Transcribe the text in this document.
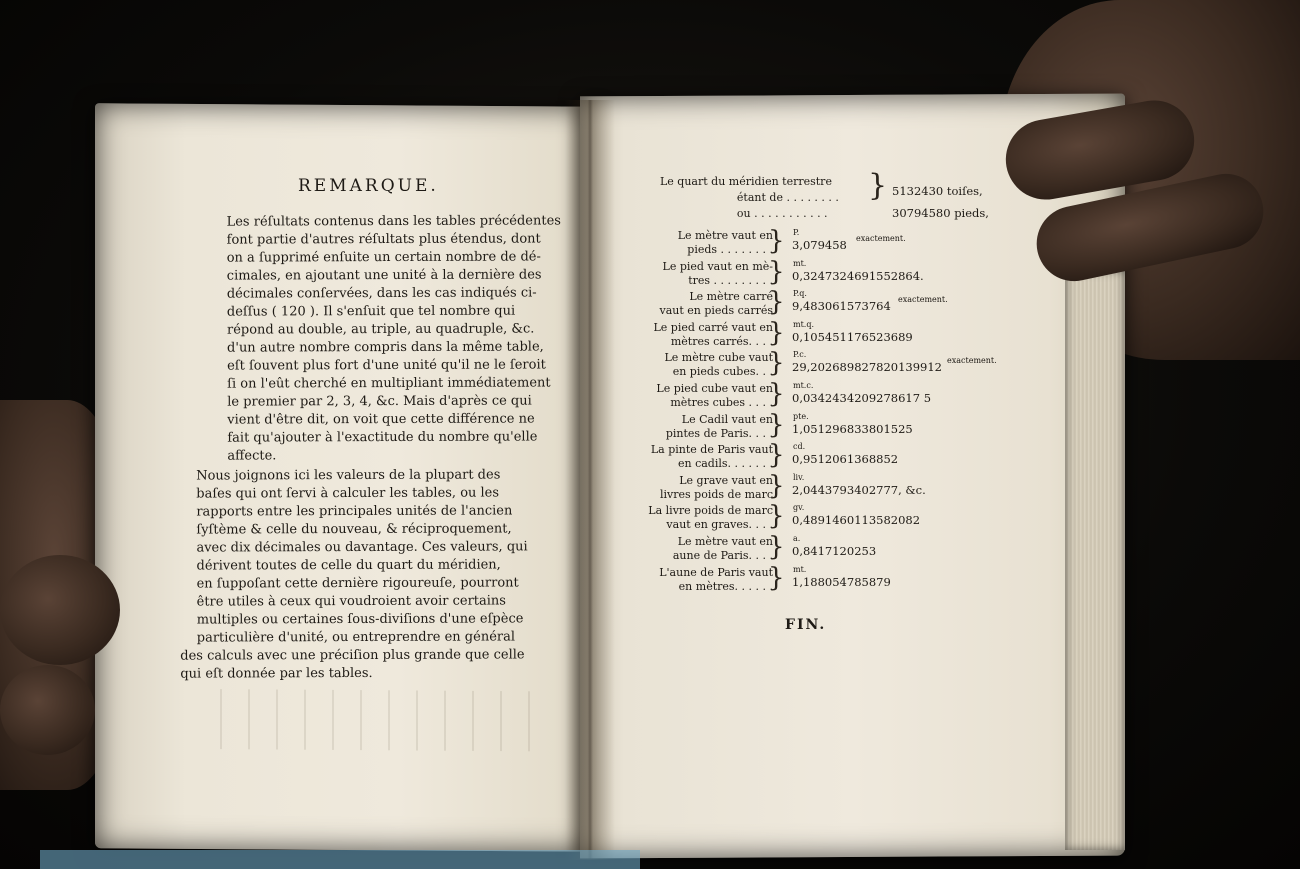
REMARQUE.
Les réſultats contenus dans les tables précédentes
font partie d'autres réſultats plus étendus, dont
on a ſupprimé enſuite un certain nombre de dé-
cimales, en ajoutant une unité à la dernière des
décimales conſervées, dans les cas indiqués ci-
deſſus ( 120 ). Il s'enſuit que tel nombre qui
répond au double, au triple, au quadruple, &c.
d'un autre nombre compris dans la même table,
eſt ſouvent plus fort d'une unité qu'il ne le ſeroit
ſi on l'eût cherché en multipliant immédiatement
le premier par 2, 3, 4, &c. Mais d'après ce qui
vient d'être dit, on voit que cette différence ne
fait qu'ajouter à l'exactitude du nombre qu'elle
affecte.
Nous joignons ici les valeurs de la plupart des
baſes qui ont ſervi à calculer les tables, ou les
rapports entre les principales unités de l'ancien
ſyſtème & celle du nouveau, & réciproquement,
avec dix décimales ou davantage. Ces valeurs, qui
dérivent toutes de celle du quart du méridien,
en ſuppoſant cette dernière rigoureuſe, pourront
être utiles à ceux qui voudroient avoir certains
multiples ou certaines ſous-diviſions d'une eſpèce
particulière d'unité, ou entreprendre en général
des calculs avec une préciſion plus grande que celle
qui eſt donnée par les tables.
Le quart du méridien terrestre
étant de . . . . . . . .
ou . . . . . . . . . . .
} 5132430 toiſes,
30794580 pieds,
Le mètre vaut en
pieds . . . . . . . .
} P.
3,079458 exactement.
Le pied vaut en mè-
tres . . . . . . . . .
} mt.
0,3247324691552864.
Le mètre carré
vaut en pieds carrés
} P.q.
9,483061573764 exactement.
Le pied carré vaut en
mètres carrés. . . .
} mt.q.
0,105451176523689
Le mètre cube vaut
en pieds cubes. . .
} P.c.
29,202689827820139912 exactement.
Le pied cube vaut en
mètres cubes . . . .
} mt.c.
0,0342434209278617 5
Le Cadil vaut en
pintes de Paris. . . .
} pte.
1,051296833801525
La pinte de Paris vaut
en cadils. . . . . . .
} cd.
0,9512061368852
Le grave vaut en
livres poids de marc
} liv.
2,0443793402777, &c.
La livre poids de marc
vaut en graves. . . .
} gv.
0,4891460113582082
Le mètre vaut en
aune de Paris. . . .
} a.
0,8417120253
L'aune de Paris vaut
en mètres. . . . . .
} mt.
1,188054785879
FIN.
